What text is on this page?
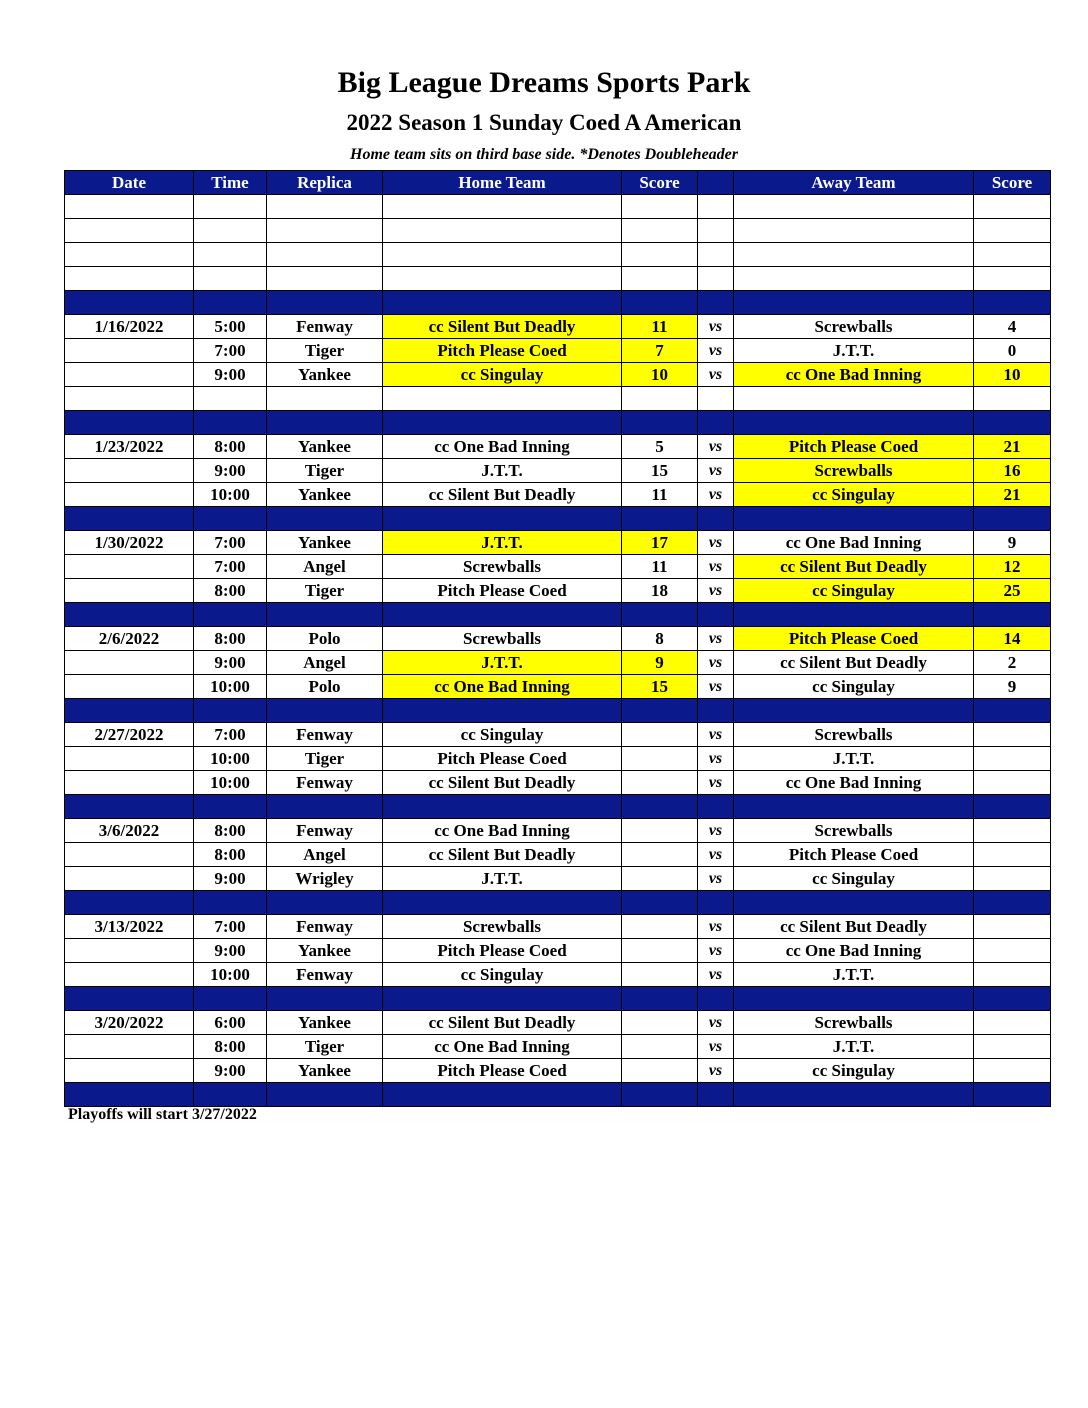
Big League Dreams Sports Park
2022 Season 1 Sunday Coed A American
Home team sits on third base side. *Denotes Doubleheader
Date	Time	Replica	Home Team	Score		Away Team	Score

1/16/2022	5:00	Fenway	cc Silent But Deadly	11	vs	Screwballs	4
	7:00	Tiger	Pitch Please Coed	7	vs	J.T.T.	0
	9:00	Yankee	cc Singulay	10	vs	cc One Bad Inning	10

1/23/2022	8:00	Yankee	cc One Bad Inning	5	vs	Pitch Please Coed	21
	9:00	Tiger	J.T.T.	15	vs	Screwballs	16
	10:00	Yankee	cc Silent But Deadly	11	vs	cc Singulay	21

1/30/2022	7:00	Yankee	J.T.T.	17	vs	cc One Bad Inning	9
	7:00	Angel	Screwballs	11	vs	cc Silent But Deadly	12
	8:00	Tiger	Pitch Please Coed	18	vs	cc Singulay	25

2/6/2022	8:00	Polo	Screwballs	8	vs	Pitch Please Coed	14
	9:00	Angel	J.T.T.	9	vs	cc Silent But Deadly	2
	10:00	Polo	cc One Bad Inning	15	vs	cc Singulay	9

2/27/2022	7:00	Fenway	cc Singulay		vs	Screwballs	
	10:00	Tiger	Pitch Please Coed		vs	J.T.T.	
	10:00	Fenway	cc Silent But Deadly		vs	cc One Bad Inning	

3/6/2022	8:00	Fenway	cc One Bad Inning		vs	Screwballs	
	8:00	Angel	cc Silent But Deadly		vs	Pitch Please Coed	
	9:00	Wrigley	J.T.T.		vs	cc Singulay	

3/13/2022	7:00	Fenway	Screwballs		vs	cc Silent But Deadly	
	9:00	Yankee	Pitch Please Coed		vs	cc One Bad Inning	
	10:00	Fenway	cc Singulay		vs	J.T.T.	

3/20/2022	6:00	Yankee	cc Silent But Deadly		vs	Screwballs	
	8:00	Tiger	cc One Bad Inning		vs	J.T.T.	
	9:00	Yankee	Pitch Please Coed		vs	cc Singulay	

Playoffs will start 3/27/2022
